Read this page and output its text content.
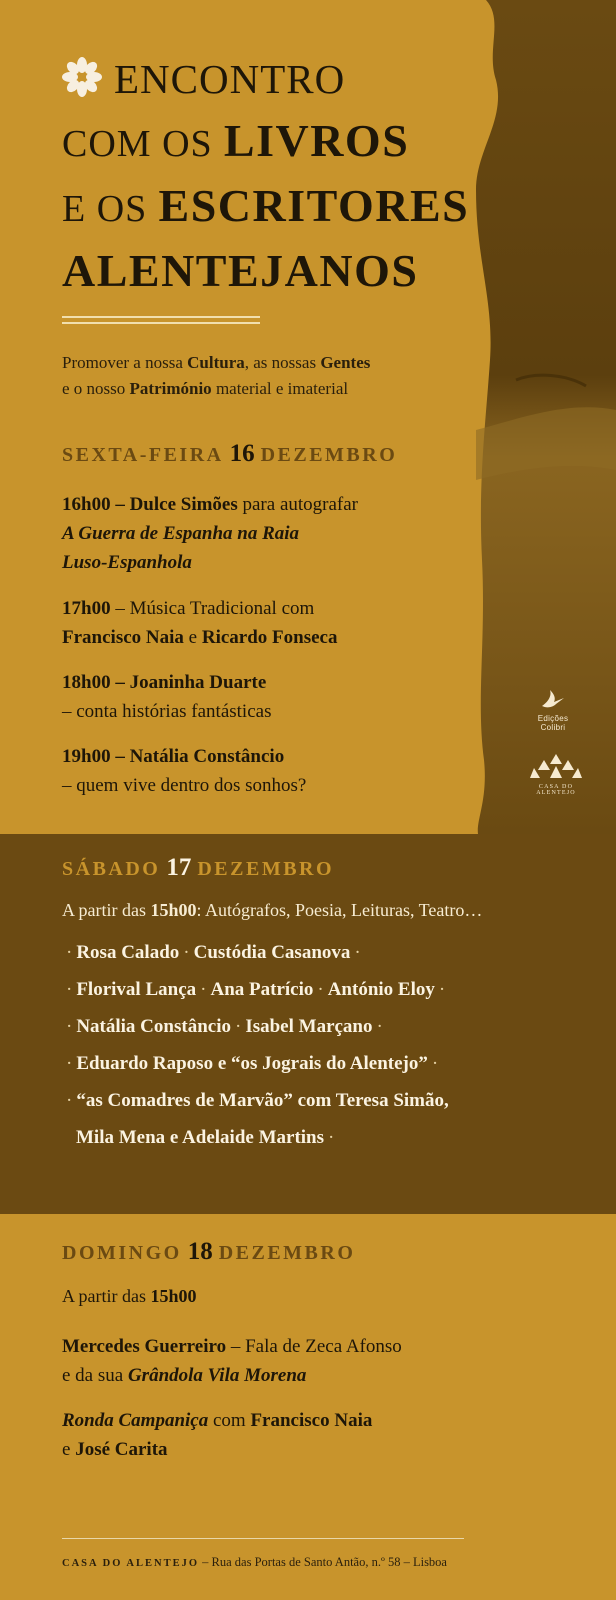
ENCONTRO
COM OS LIVROS
E OS ESCRITORES
ALENTEJANOS
Promover a nossa Cultura, as nossas Gentes
e o nosso Património material e imaterial
SEXTA-FEIRA 16 DEZEMBRO
16h00 – Dulce Simões para autografar
A Guerra de Espanha na Raia
Luso-Espanhola
17h00 – Música Tradicional com
Francisco Naia e Ricardo Fonseca
18h00 – Joaninha Duarte
– conta histórias fantásticas
19h00 – Natália Constâncio
– quem vive dentro dos sonhos?
Edições Colibri
CASA DO ALENTEJO
SÁBADO 17 DEZEMBRO
A partir das 15h00: Autógrafos, Poesia, Leituras, Teatro…
· Rosa Calado · Custódia Casanova ·
· Florival Lança · Ana Patrício · António Eloy ·
· Natália Constâncio · Isabel Marçano ·
· Eduardo Raposo e “os Jograis do Alentejo” ·
· “as Comadres de Marvão” com Teresa Simão,
Mila Mena e Adelaide Martins ·
DOMINGO 18 DEZEMBRO
A partir das 15h00
Mercedes Guerreiro – Fala de Zeca Afonso
e da sua Grândola Vila Morena
Ronda Campaniça com Francisco Naia
e José Carita
CASA DO ALENTEJO – Rua das Portas de Santo Antão, n.º 58 – Lisboa
